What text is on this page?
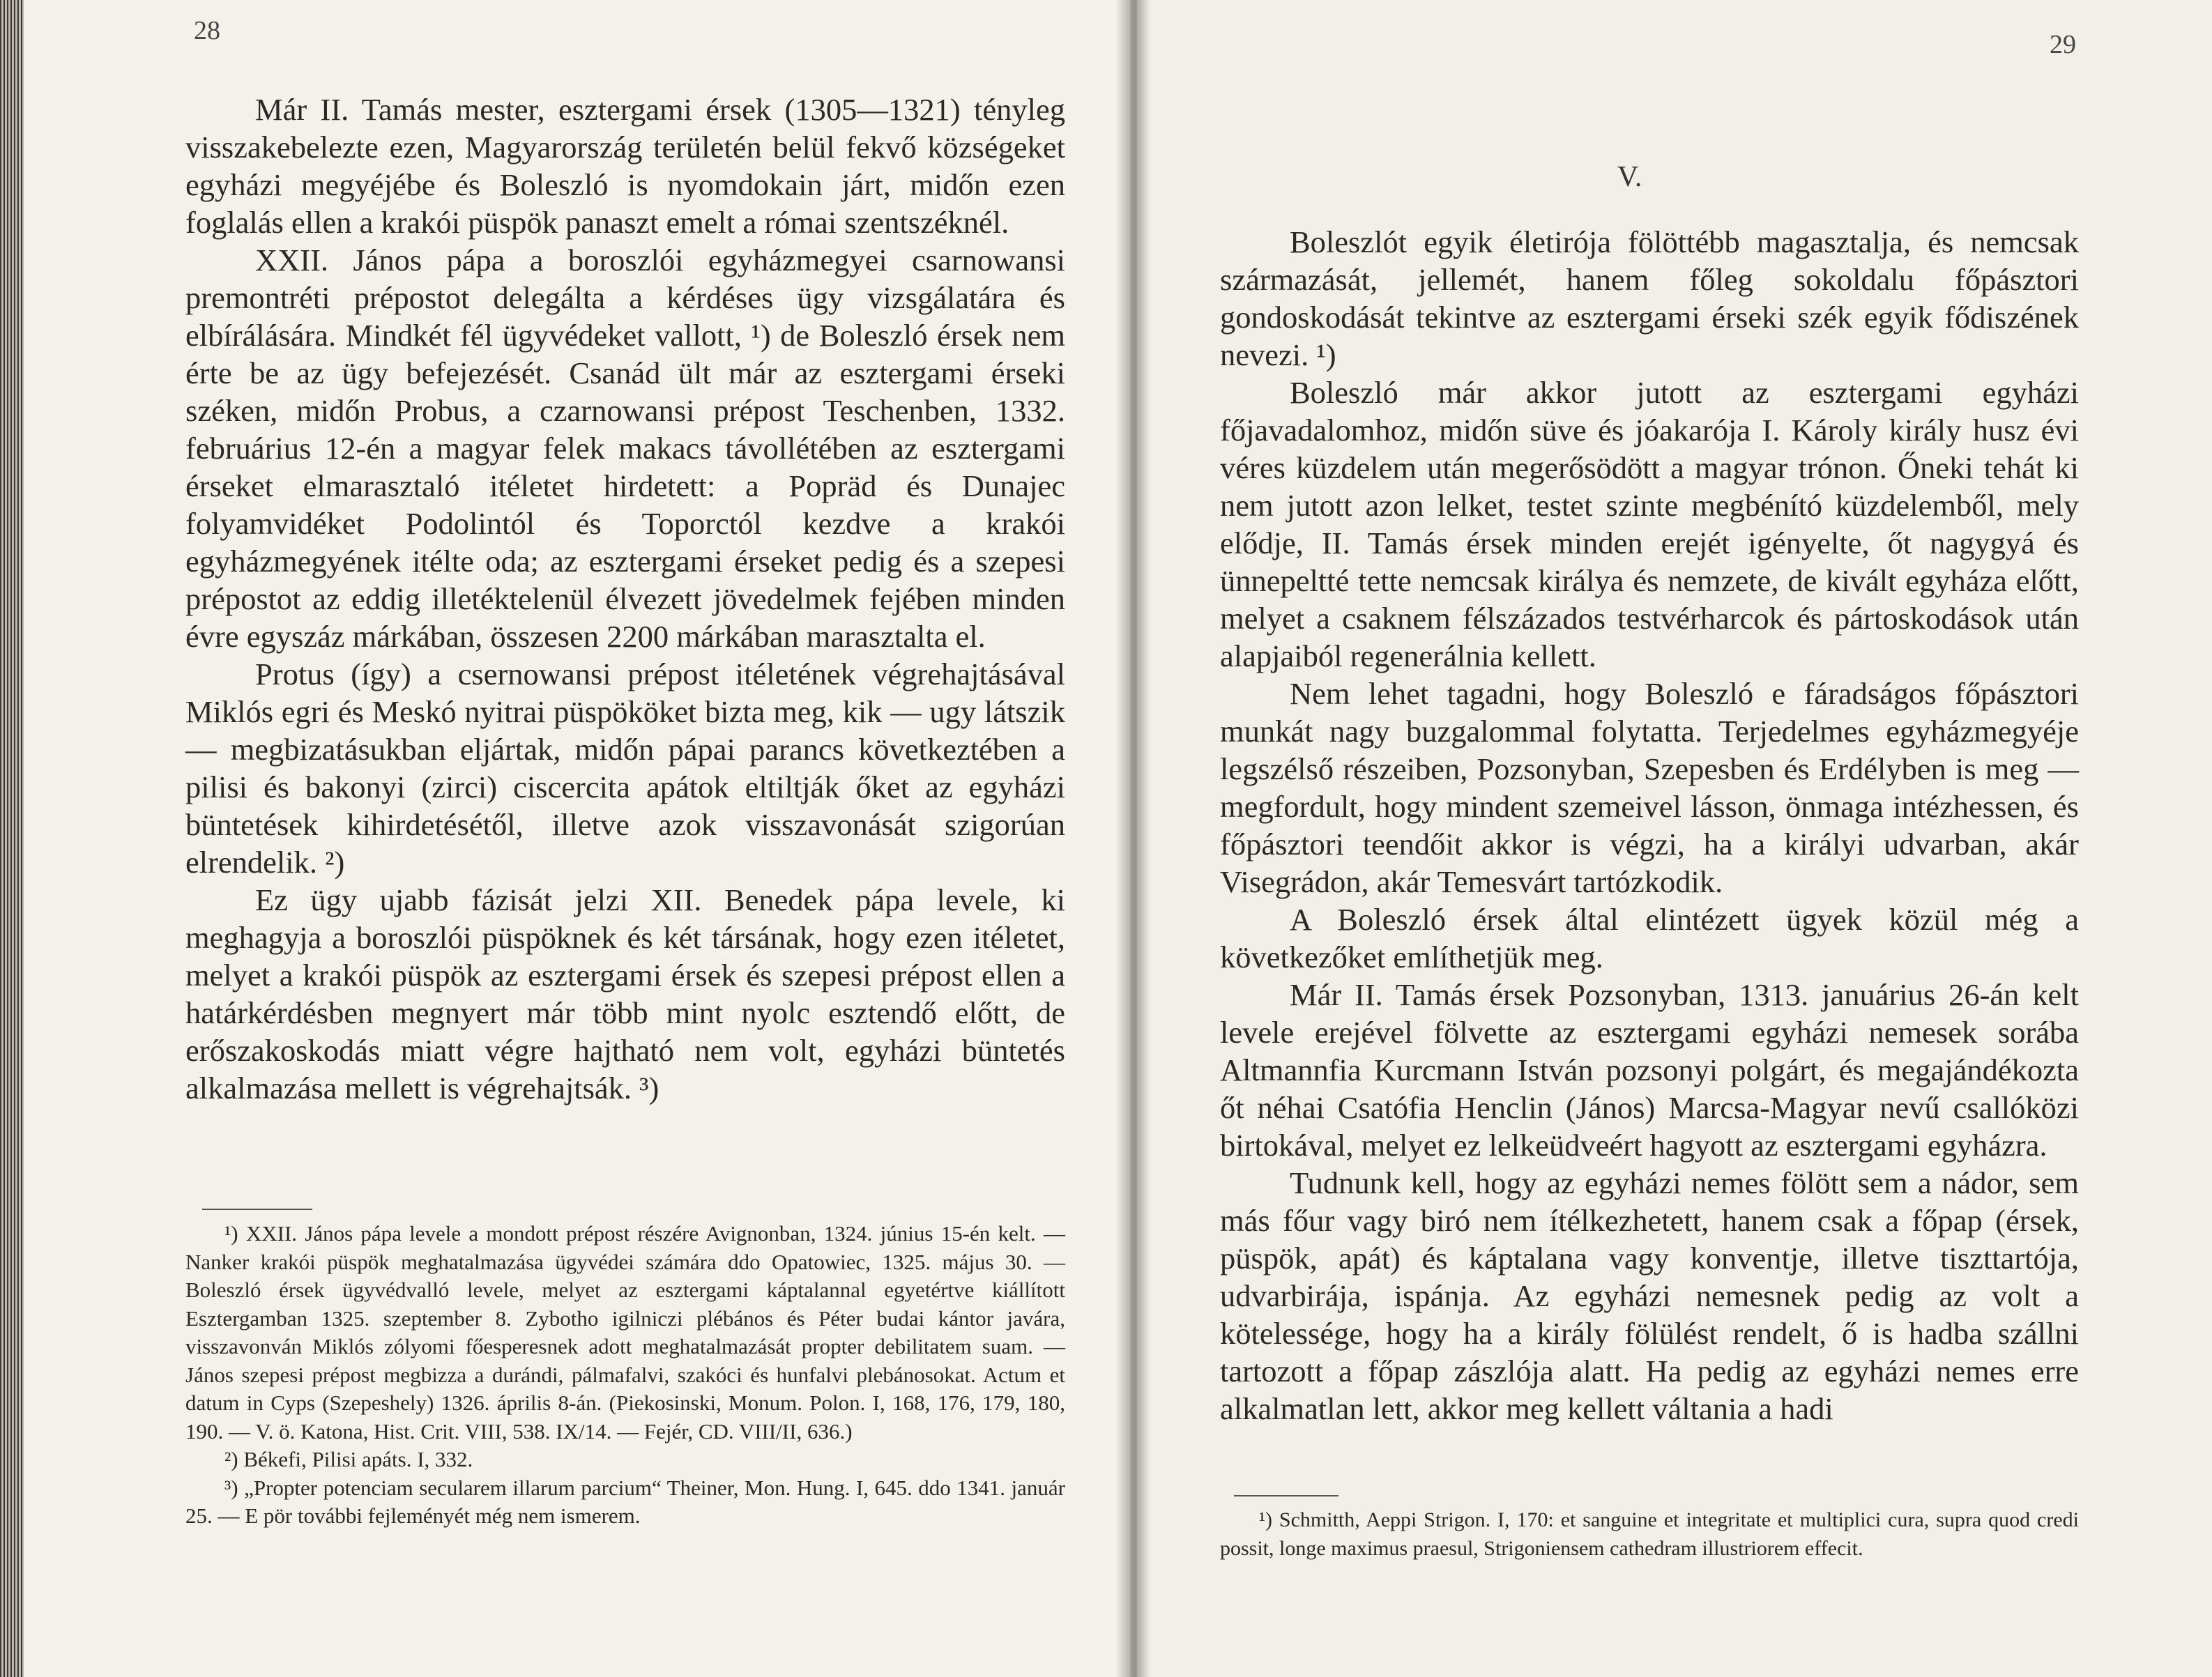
28

Már II. Tamás mester, esztergami érsek (1305—1321) tényleg visszakebelezte ezen, Magyarország területén belül fekvő községeket egyházi megyéjébe és Boleszló is nyomdokain járt, midőn ezen foglalás ellen a krakói püspök panaszt emelt a római szentszéknél.

XXII. János pápa a boroszlói egyházmegyei csarnowansi premontréti prépostot delegálta a kérdéses ügy vizsgálatára és elbírálására. Mindkét fél ügyvédeket vallott, ¹) de Boleszló érsek nem érte be az ügy befejezését. Csanád ült már az esztergami érseki széken, midőn Probus, a czarnowansi prépost Teschenben, 1332. februárius 12-én a magyar felek makacs távollétében az esztergami érseket elmarasztaló itéletet hirdetett: a Popräd és Dunajec folyamvidéket Podolintól és Toporctól kezdve a krakói egyházmegyének itélte oda; az esztergami érseket pedig és a szepesi prépostot az eddig illetéktelenül élvezett jövedelmek fejében minden évre egyszáz márkában, összesen 2200 márkában marasztalta el.

Protus (így) a csernowansi prépost itéletének végrehajtásával Miklós egri és Meskó nyitrai püspököket bizta meg, kik — ugy látszik — megbizatásukban eljártak, midőn pápai parancs következtében a pilisi és bakonyi (zirci) ciscercita apátok eltiltják őket az egyházi büntetések kihirdetésétől, illetve azok visszavonását szigorúan elrendelik. ²)

Ez ügy ujabb fázisát jelzi XII. Benedek pápa levele, ki meghagyja a boroszlói püspöknek és két társának, hogy ezen itéletet, melyet a krakói püspök az esztergami érsek és szepesi prépost ellen a határkérdésben megnyert már több mint nyolc esztendő előtt, de erőszakoskodás miatt végre hajtható nem volt, egyházi büntetés alkalmazása mellett is végrehajtsák. ³)

¹) XXII. János pápa levele a mondott prépost részére Avignonban, 1324. június 15-én kelt. — Nanker krakói püspök meghatalmazása ügyvédei számára ddo Opatowiec, 1325. május 30. — Boleszló érsek ügyvédvalló levele, melyet az esztergami káptalannal egyetértve kiállított Esztergamban 1325. szeptember 8. Zybotho igilniczi plébános és Péter budai kántor javára, visszavonván Miklós zólyomi főesperesnek adott meghatalmazását propter debilitatem suam. — János szepesi prépost megbizza a durándi, pálmafalvi, szakóci és hunfalvi plebánosokat. Actum et datum in Cyps (Szepeshely) 1326. április 8-án. (Piekosinski, Monum. Polon. I, 168, 176, 179, 180, 190. — V. ö. Katona, Hist. Crit. VIII, 538. IX/14. — Fejér, CD. VIII/II, 636.)

²) Békefi, Pilisi apáts. I, 332.

³) „Propter potenciam secularem illarum parcium“ Theiner, Mon. Hung. I, 645. ddo 1341. január 25. — E pör további fejleményét még nem ismerem.

29
V.

Boleszlót egyik életirója fölöttébb magasztalja, és nemcsak származását, jellemét, hanem főleg sokoldalu főpásztori gondoskodását tekintve az esztergami érseki szék egyik fődiszének nevezi. ¹)

Boleszló már akkor jutott az esztergami egyházi főjavadalomhoz, midőn süve és jóakarója I. Károly király husz évi véres küzdelem után megerősödött a magyar trónon. Őneki tehát ki nem jutott azon lelket, testet szinte megbénító küzdelemből, mely elődje, II. Tamás érsek minden erejét igényelte, őt nagygyá és ünnepeltté tette nemcsak királya és nemzete, de kivált egyháza előtt, melyet a csaknem félszázados testvérharcok és pártoskodások után alapjaiból regenerálnia kellett.

Nem lehet tagadni, hogy Boleszló e fáradságos főpásztori munkát nagy buzgalommal folytatta. Terjedelmes egyházmegyéje legszélső részeiben, Pozsonyban, Szepesben és Erdélyben is meg — megfordult, hogy mindent szemeivel lásson, önmaga intézhessen, és főpásztori teendőit akkor is végzi, ha a királyi udvarban, akár Visegrádon, akár Temesvárt tartózkodik.

A Boleszló érsek által elintézett ügyek közül még a következőket említhetjük meg.

Már II. Tamás érsek Pozsonyban, 1313. januárius 26-án kelt levele erejével fölvette az esztergami egyházi nemesek sorába Altmannfia Kurcmann István pozsonyi polgárt, és megajándékozta őt néhai Csatófia Henclin (János) Marcsa-Magyar nevű csallóközi birtokával, melyet ez lelkeüdveért hagyott az esztergami egyházra.

Tudnunk kell, hogy az egyházi nemes fölött sem a nádor, sem más főur vagy biró nem ítélkezhetett, hanem csak a főpap (érsek, püspök, apát) és káptalana vagy konventje, illetve tiszttartója, udvarbirája, ispánja. Az egyházi nemesnek pedig az volt a kötelessége, hogy ha a király fölülést rendelt, ő is hadba szállni tartozott a főpap zászlója alatt. Ha pedig az egyházi nemes erre alkalmatlan lett, akkor meg kellett váltania a hadi

¹) Schmitth, Aeppi Strigon. I, 170: et sanguine et integritate et multiplici cura, supra quod credi possit, longe maximus praesul, Strigoniensem cathedram illustriorem effecit.
